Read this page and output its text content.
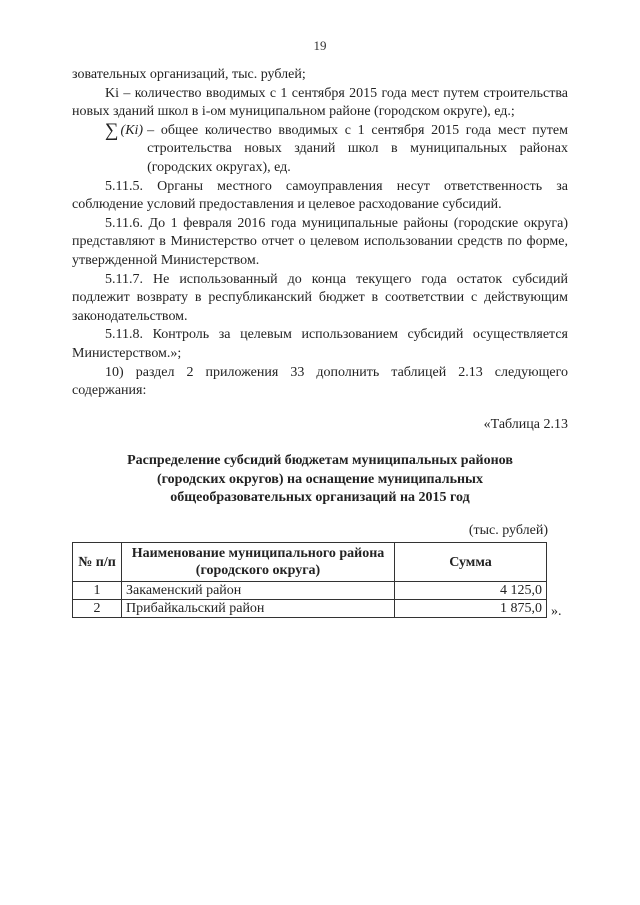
19

зовательных организаций, тыс. рублей;

Ki – количество вводимых с 1 сентября 2015 года мест путем строительства новых зданий школ в i-ом муниципальном районе (городском округе), ед.;

∑ (Ki) – общее количество вводимых с 1 сентября 2015 года мест путем строительства новых зданий школ в муниципальных районах (городских округах), ед.

5.11.5. Органы местного самоуправления несут ответственность за соблюдение условий предоставления и целевое расходование субсидий.

5.11.6. До 1 февраля 2016 года муниципальные районы (городские округа) представляют в Министерство отчет о целевом использовании средств по форме, утвержденной Министерством.

5.11.7. Не использованный до конца текущего года остаток субсидий подлежит возврату в республиканский бюджет в соответствии с действующим законодательством.

5.11.8. Контроль за целевым использованием субсидий осуществляется Министерством.»;

10) раздел 2 приложения 33 дополнить таблицей 2.13 следующего содержания:

«Таблица 2.13
Распределение субсидий бюджетам муниципальных районов (городских округов) на оснащение муниципальных общеобразовательных организаций на 2015 год
(тыс. рублей)
№ п/п	Наименование муниципального района (городского округа)	Сумма
1	Закаменский район	4 125,0
2	Прибайкальский район	1 875,0 ».
